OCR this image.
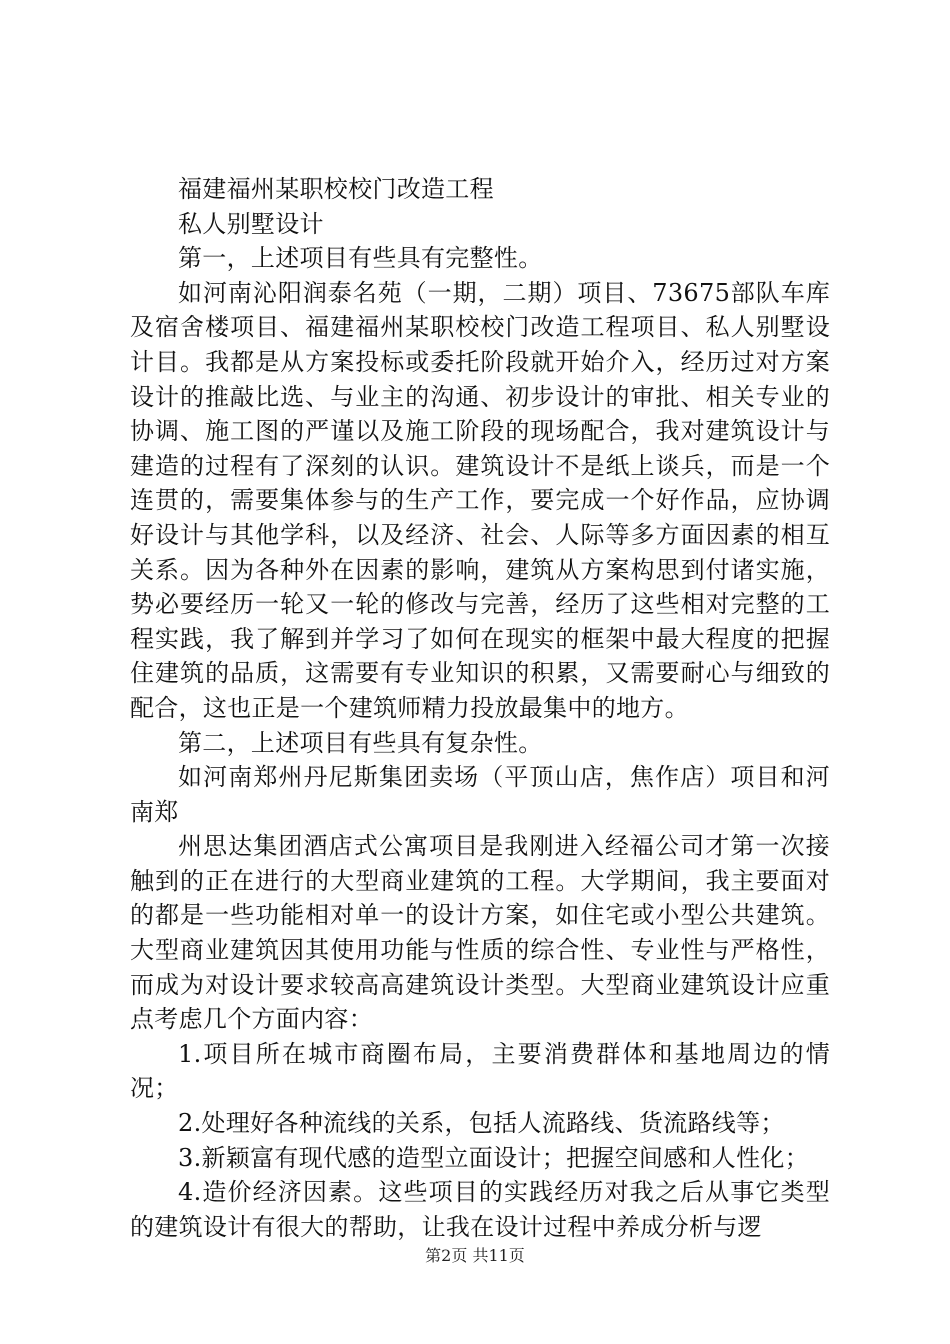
福建福州某职校校门改造工程

私人别墅设计

第一，上述项目有些具有完整性。

如河南沁阳润泰名苑（一期，二期）项目、73675部队车库及宿舍楼项目、福建福州某职校校门改造工程项目、私人别墅设计目。我都是从方案投标或委托阶段就开始介入，经历过对方案设计的推敲比选、与业主的沟通、初步设计的审批、相关专业的协调、施工图的严谨以及施工阶段的现场配合，我对建筑设计与建造的过程有了深刻的认识。建筑设计不是纸上谈兵，而是一个连贯的，需要集体参与的生产工作，要完成一个好作品，应协调好设计与其他学科，以及经济、社会、人际等多方面因素的相互关系。因为各种外在因素的影响，建筑从方案构思到付诸实施，势必要经历一轮又一轮的修改与完善，经历了这些相对完整的工程实践，我了解到并学习了如何在现实的框架中最大程度的把握住建筑的品质，这需要有专业知识的积累，又需要耐心与细致的配合，这也正是一个建筑师精力投放最集中的地方。

第二，上述项目有些具有复杂性。

如河南郑州丹尼斯集团卖场（平顶山店，焦作店）项目和河南郑

州思达集团酒店式公寓项目是我刚进入经福公司才第一次接触到的正在进行的大型商业建筑的工程。大学期间，我主要面对的都是一些功能相对单一的设计方案，如住宅或小型公共建筑。大型商业建筑因其使用功能与性质的综合性、专业性与严格性，而成为对设计要求较高高建筑设计类型。大型商业建筑设计应重点考虑几个方面内容：

1.项目所在城市商圈布局，主要消费群体和基地周边的情况；

2.处理好各种流线的关系，包括人流路线、货流路线等；

3.新颖富有现代感的造型立面设计；把握空间感和人性化；

4.造价经济因素。这些项目的实践经历对我之后从事它类型的建筑设计有很大的帮助，让我在设计过程中养成分析与逻

第2页 共11页
